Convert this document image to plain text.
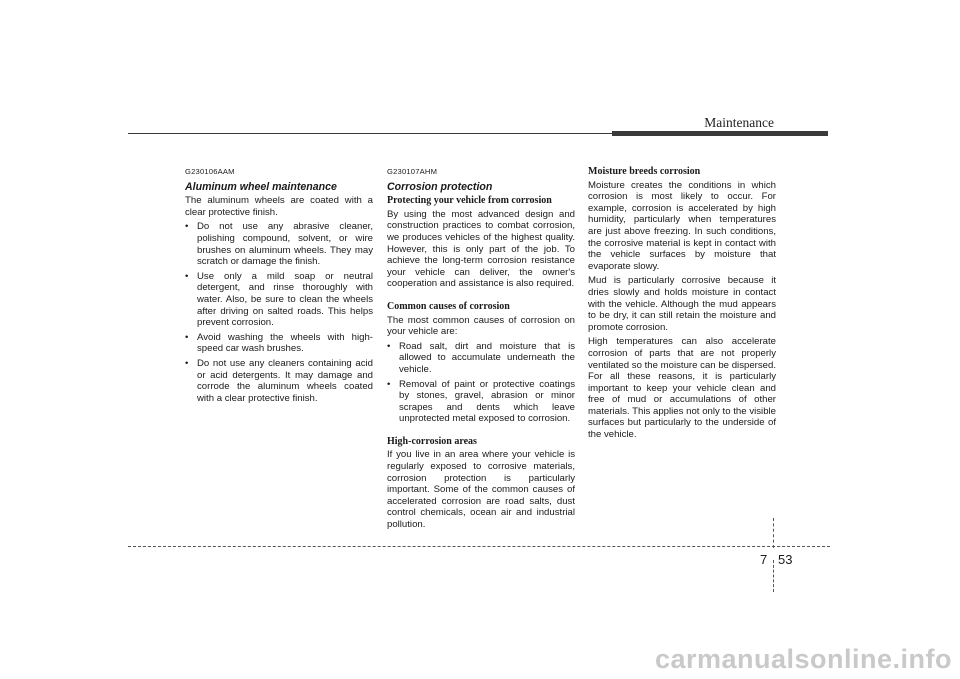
Maintenance
G230106AAM
Aluminum wheel maintenance
The aluminum wheels are coated with a clear protective finish.
• Do not use any abrasive cleaner, polishing compound, solvent, or wire brushes on aluminum wheels. They may scratch or damage the finish.
• Use only a mild soap or neutral detergent, and rinse thoroughly with water. Also, be sure to clean the wheels after driving on salted roads. This helps prevent corrosion.
• Avoid washing the wheels with high-speed car wash brushes.
• Do not use any cleaners containing acid or acid detergents. It may damage and corrode the aluminum wheels coated with a clear protective finish.
G230107AHM
Corrosion protection
Protecting your vehicle from corrosion
By using the most advanced design and construction practices to combat corrosion, we produces vehicles of the highest quality. However, this is only part of the job. To achieve the long-term corrosion resistance your vehicle can deliver, the owner's cooperation and assistance is also required.
Common causes of corrosion
The most common causes of corrosion on your vehicle are:
• Road salt, dirt and moisture that is allowed to accumulate underneath the vehicle.
• Removal of paint or protective coatings by stones, gravel, abrasion or minor scrapes and dents which leave unprotected metal exposed to corrosion.
High-corrosion areas
If you live in an area where your vehicle is regularly exposed to corrosive materials, corrosion protection is particularly important. Some of the common causes of accelerated corrosion are road salts, dust control chemicals, ocean air and industrial pollution.
Moisture breeds corrosion
Moisture creates the conditions in which corrosion is most likely to occur. For example, corrosion is accelerated by high humidity, particularly when temperatures are just above freezing. In such conditions, the corrosive material is kept in contact with the vehicle surfaces by moisture that evaporate slowy.
Mud is particularly corrosive because it dries slowly and holds moisture in contact with the vehicle. Although the mud appears to be dry, it can still retain the moisture and promote corrosion.
High temperatures can also accelerate corrosion of parts that are not properly ventilated so the moisture can be dispersed. For all these reasons, it is particularly important to keep your vehicle clean and free of mud or accumulations of other materials. This applies not only to the visible surfaces but particularly to the underside of the vehicle.
7 53
carmanualsonline.info
